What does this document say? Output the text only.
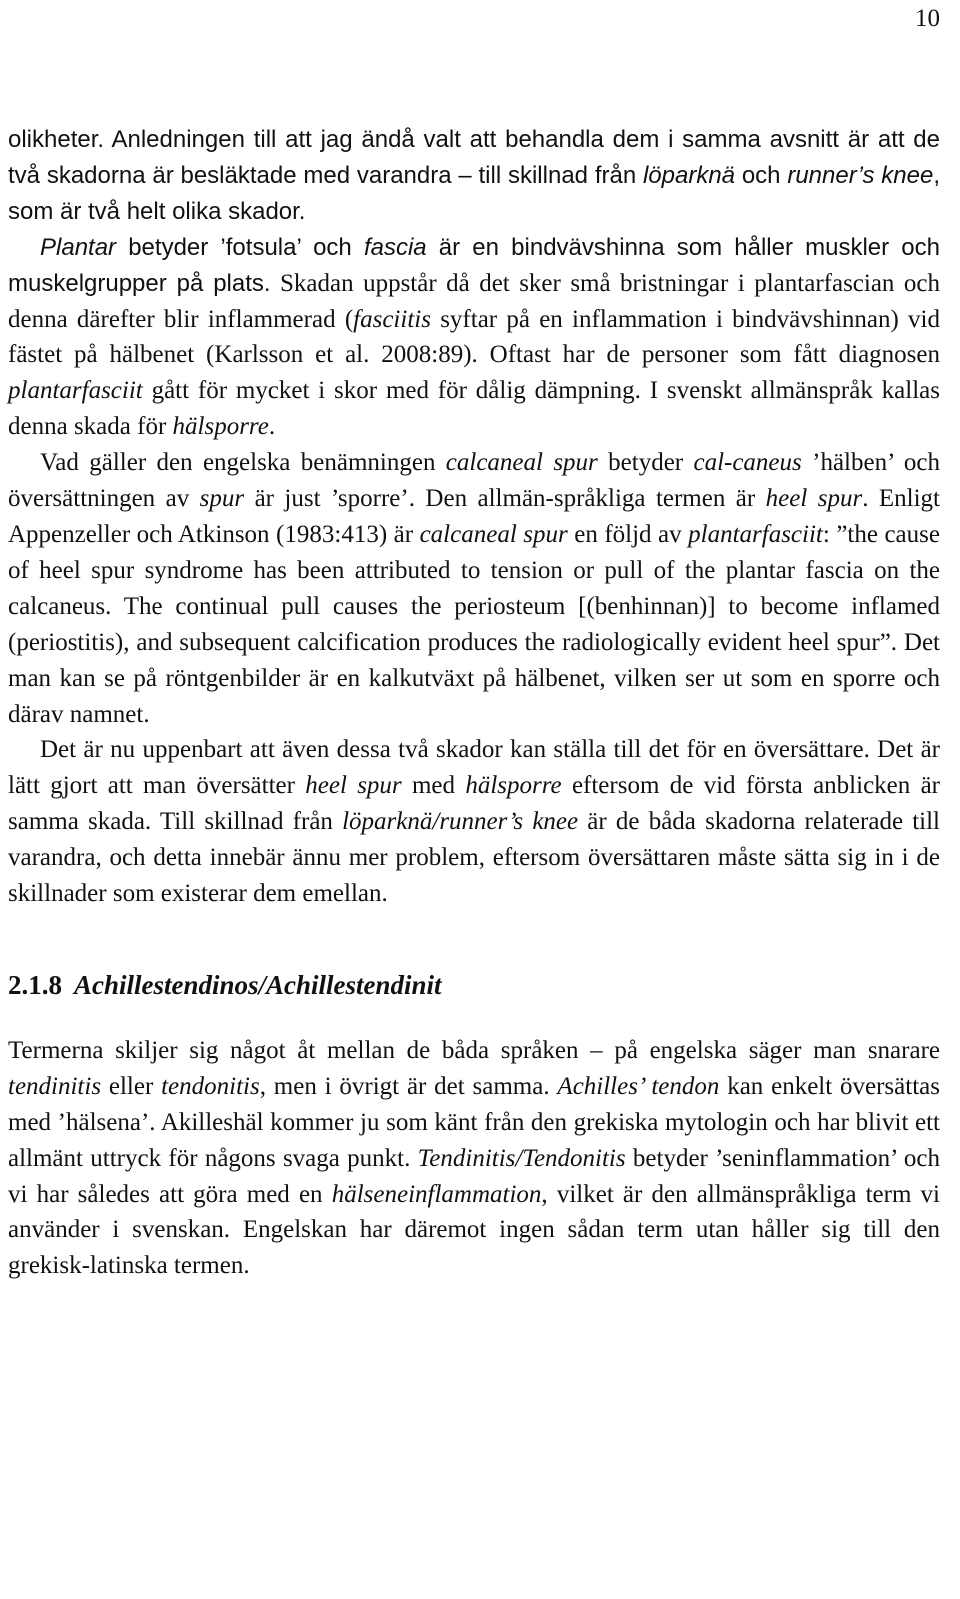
10

olikheter. Anledningen till att jag ändå valt att behandla dem i samma avsnitt är att de två skadorna är besläktade med varandra – till skillnad från löparknä och runner’s knee, som är två helt olika skador.

Plantar betyder ’fotsula’ och fascia är en bindvävshinna som håller muskler och muskelgrupper på plats. Skadan uppstår då det sker små bristningar i plantarfascian och denna därefter blir inflammerad (fasciitis syftar på en inflammation i bindvävshinnan) vid fästet på hälbenet (Karlsson et al. 2008:89). Oftast har de personer som fått diagnosen plantarfasciit gått för mycket i skor med för dålig dämpning. I svenskt allmänspråk kallas denna skada för hälsporre.

Vad gäller den engelska benämningen calcaneal spur betyder cal-caneus ’hälben’ och översättningen av spur är just ’sporre’. Den allmän-språkliga termen är heel spur. Enligt Appenzeller och Atkinson (1983:413) är calcaneal spur en följd av plantarfasciit: ”the cause of heel spur syndrome has been attributed to tension or pull of the plantar fascia on the calcaneus. The continual pull causes the periosteum [(benhinnan)] to become inflamed (periostitis), and subsequent calcification produces the radiologically evident heel spur”. Det man kan se på röntgenbilder är en kalkutväxt på hälbenet, vilken ser ut som en sporre och därav namnet.

Det är nu uppenbart att även dessa två skador kan ställa till det för en översättare. Det är lätt gjort att man översätter heel spur med hälsporre eftersom de vid första anblicken är samma skada. Till skillnad från löparknä/runner’s knee är de båda skadorna relaterade till varandra, och detta innebär ännu mer problem, eftersom översättaren måste sätta sig in i de skillnader som existerar dem emellan.

2.1.8 Achillestendinos/Achillestendinit

Termerna skiljer sig något åt mellan de båda språken – på engelska säger man snarare tendinitis eller tendonitis, men i övrigt är det samma. Achilles’ tendon kan enkelt översättas med ’hälsena’. Akilleshäl kommer ju som känt från den grekiska mytologin och har blivit ett allmänt uttryck för någons svaga punkt. Tendinitis/Tendonitis betyder ’seninflammation’ och vi har således att göra med en hälseneinflammation, vilket är den allmänspråkliga term vi använder i svenskan. Engelskan har däremot ingen sådan term utan håller sig till den grekisk-latinska termen.
